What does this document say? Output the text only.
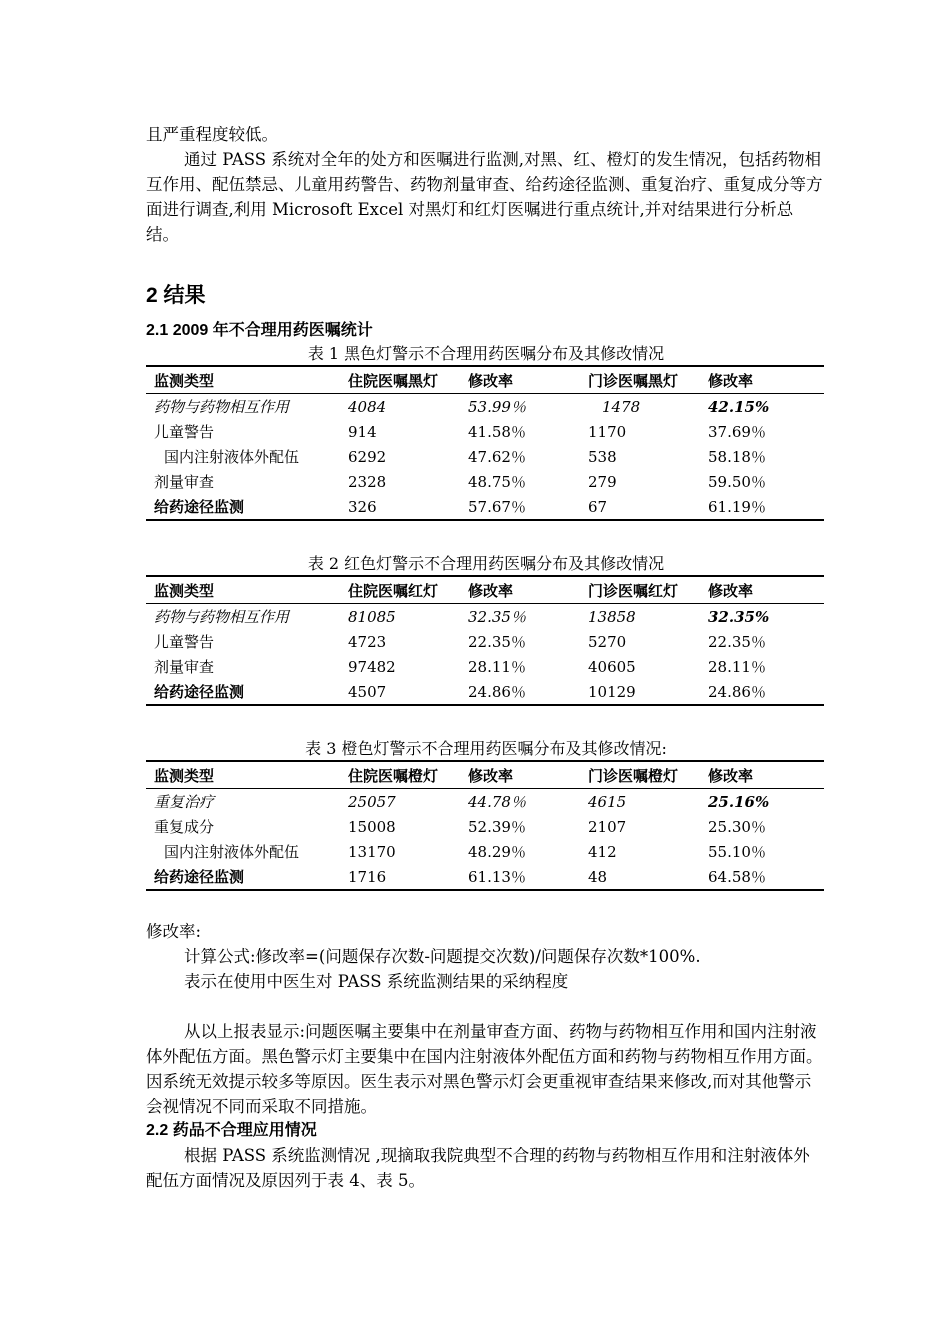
且严重程度较低。

通过 PASS 系统对全年的处方和医嘱进行监测,对黑、红、橙灯的发生情况，包括药物相互作用、配伍禁忌、儿童用药警告、药物剂量审查、给药途径监测、重复治疗、重复成分等方面进行调查,利用 Microsoft Excel 对黑灯和红灯医嘱进行重点统计,并对结果进行分析总结。

2 结果
2.1 2009 年不合理用药医嘱统计
表 1 黑色灯警示不合理用药医嘱分布及其修改情况
监测类型	住院医嘱黑灯	修改率	门诊医嘱黑灯	修改率
药物与药物相互作用	4084	53.99％	1478	42.15%
儿童警告	914	41.58％	1170	37.69％
国内注射液体外配伍	6292	47.62％	538	58.18％
剂量审查	2328	48.75％	279	59.50％
给药途径监测	326	57.67％	67	61.19％
表 2 红色灯警示不合理用药医嘱分布及其修改情况
监测类型	住院医嘱红灯	修改率	门诊医嘱红灯	修改率
药物与药物相互作用	81085	32.35％	13858	32.35%
儿童警告	4723	22.35％	5270	22.35％
剂量审查	97482	28.11％	40605	28.11％
给药途径监测	4507	24.86％	10129	24.86％
表 3 橙色灯警示不合理用药医嘱分布及其修改情况:
监测类型	住院医嘱橙灯	修改率	门诊医嘱橙灯	修改率
重复治疗	25057	44.78％	4615	25.16%
重复成分	15008	52.39％	2107	25.30％
国内注射液体外配伍	13170	48.29％	412	55.10％
给药途径监测	1716	61.13％	48	64.58％

修改率:

计算公式:修改率=(问题保存次数-问题提交次数)/问题保存次数*100%.

表示在使用中医生对 PASS 系统监测结果的采纳程度

从以上报表显示:问题医嘱主要集中在剂量审查方面、药物与药物相互作用和国内注射液体外配伍方面。黑色警示灯主要集中在国内注射液体外配伍方面和药物与药物相互作用方面。因系统无效提示较多等原因。医生表示对黑色警示灯会更重视审查结果来修改,而对其他警示会视情况不同而采取不同措施。

2.2 药品不合理应用情况

根据 PASS 系统监测情况 ,现摘取我院典型不合理的药物与药物相互作用和注射液体外配伍方面情况及原因列于表 4、表 5。
